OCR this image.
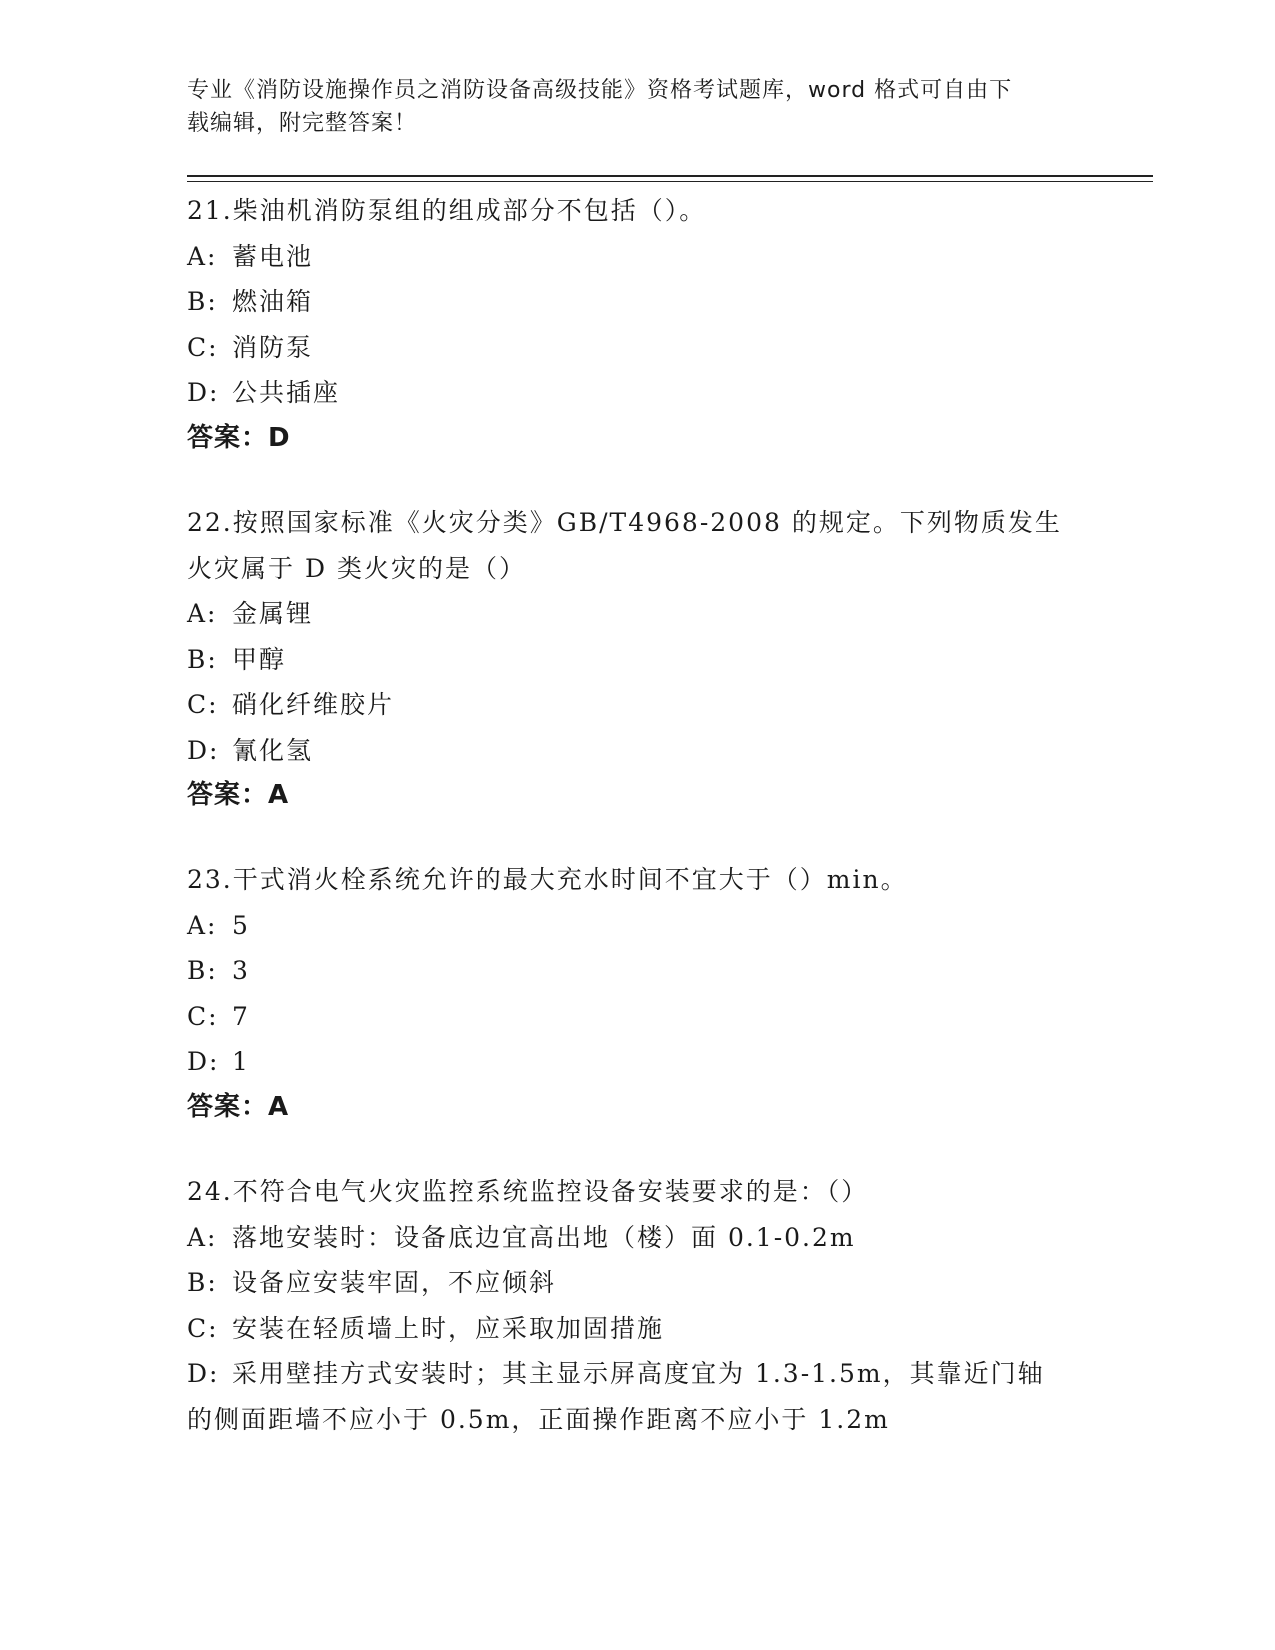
专业《消防设施操作员之消防设备高级技能》资格考试题库，word 格式可自由下
载编辑，附完整答案！
21.柴油机消防泵组的组成部分不包括（）。
A: 蓄电池
B: 燃油箱
C: 消防泵
D: 公共插座
答案：D
22.按照国家标准《火灾分类》GB/T4968-2008 的规定。下列物质发生
火灾属于 D 类火灾的是（）
A: 金属锂
B: 甲醇
C: 硝化纤维胶片
D: 氰化氢
答案：A
23.干式消火栓系统允许的最大充水时间不宜大于（）min。
A: 5
B: 3
C: 7
D: 1
答案：A
24.不符合电气火灾监控系统监控设备安装要求的是：（）
A: 落地安装时：设备底边宜高出地（楼）面 0.1-0.2m
B: 设备应安装牢固，不应倾斜
C: 安装在轻质墙上时，应采取加固措施
D: 采用壁挂方式安装时；其主显示屏高度宜为 1.3-1.5m，其靠近门轴
的侧面距墙不应小于 0.5m，正面操作距离不应小于 1.2m
